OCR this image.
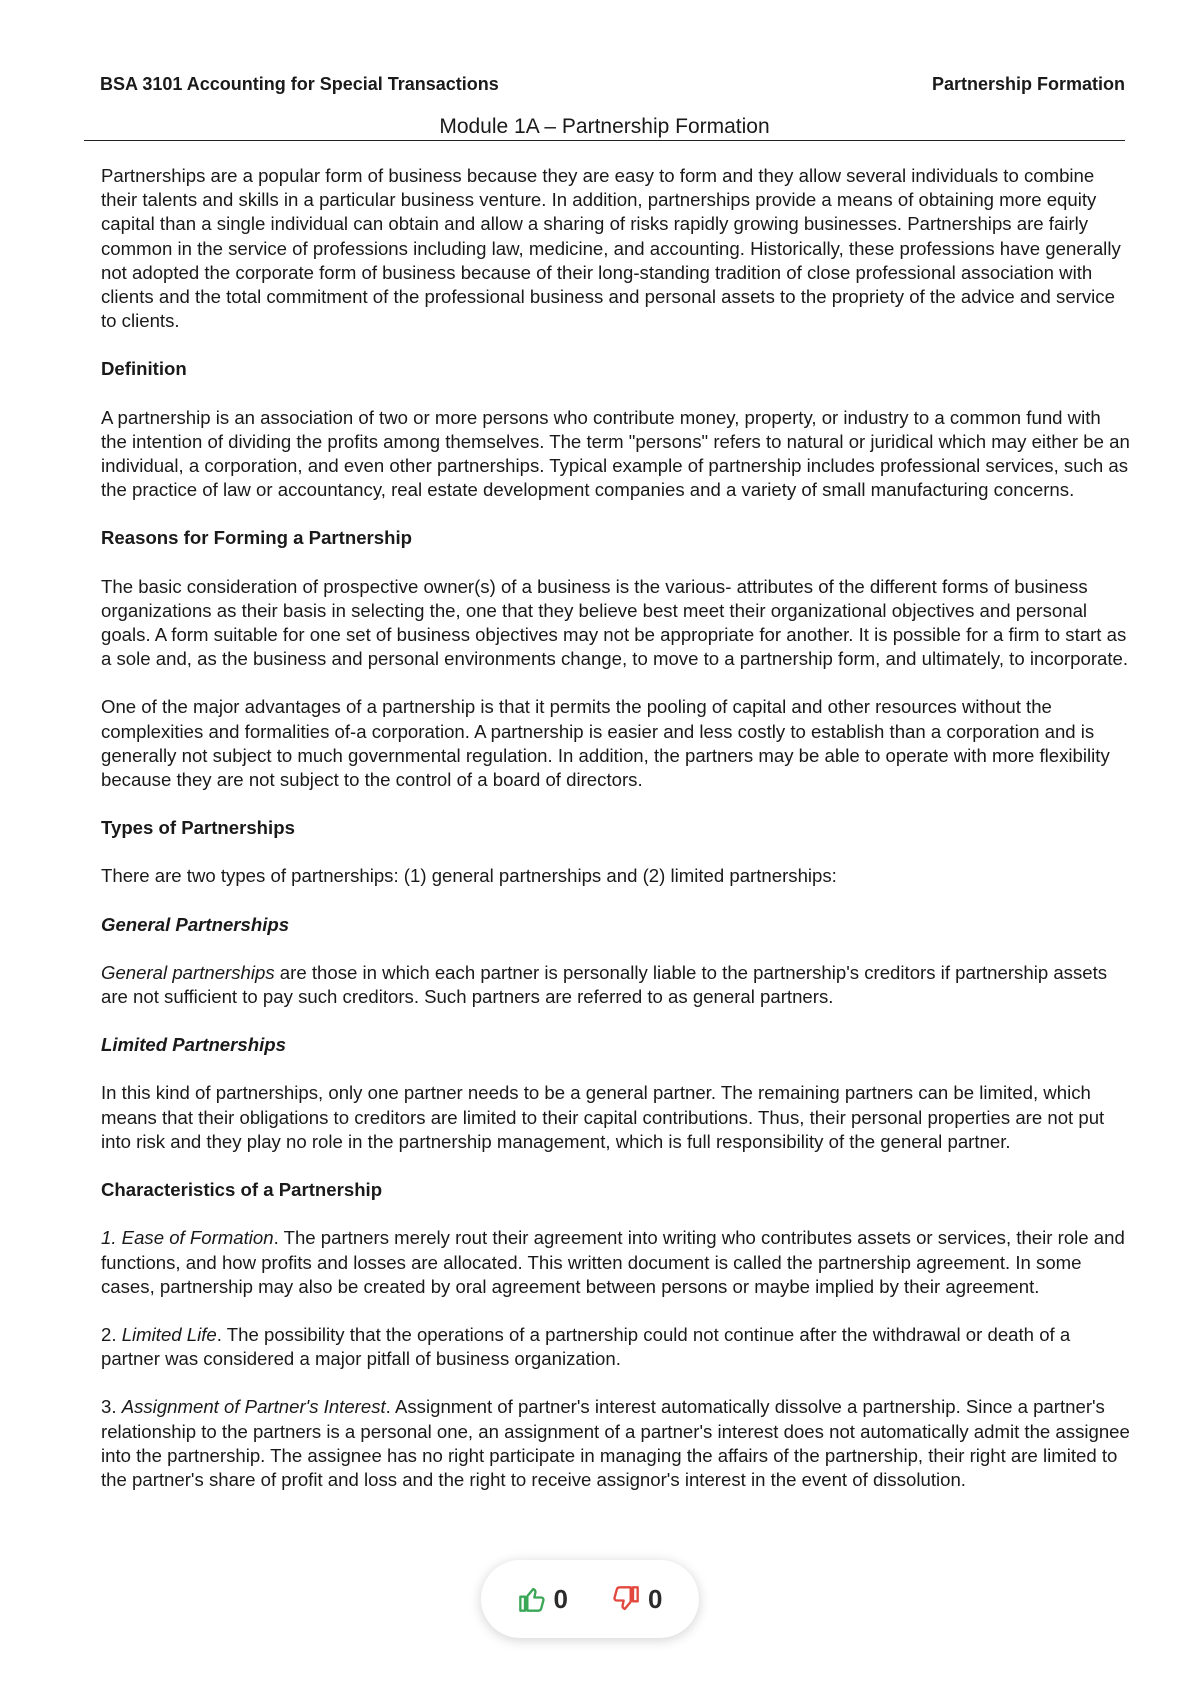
BSA 3101 Accounting for Special Transactions	Partnership Formation
Module 1A – Partnership Formation

Partnerships are a popular form of business because they are easy to form and they allow several individuals to combine their talents and skills in a particular business venture. In addition, partnerships provide a means of obtaining more equity capital than a single individual can obtain and allow a sharing of risks rapidly growing businesses. Partnerships are fairly common in the service of professions including law, medicine, and accounting. Historically, these professions have generally not adopted the corporate form of business because of their long-standing tradition of close professional association with clients and the total commitment of the professional business and personal assets to the propriety of the advice and service to clients.

Definition

A partnership is an association of two or more persons who contribute money, property, or industry to a common fund with the intention of dividing the profits among themselves. The term "persons" refers to natural or juridical which may either be an individual, a corporation, and even other partnerships. Typical example of partnership includes professional services, such as the practice of law or accountancy, real estate development companies and a variety of small manufacturing concerns.

Reasons for Forming a Partnership

The basic consideration of prospective owner(s) of a business is the various- attributes of the different forms of business organizations as their basis in selecting the, one that they believe best meet their organizational objectives and personal goals. A form suitable for one set of business objectives may not be appropriate for another. It is possible for a firm to start as a sole and, as the business and personal environments change, to move to a partnership form, and ultimately, to incorporate.

One of the major advantages of a partnership is that it permits the pooling of capital and other resources without the complexities and formalities of-a corporation. A partnership is easier and less costly to establish than a corporation and is generally not subject to much governmental regulation. In addition, the partners may be able to operate with more flexibility because they are not subject to the control of a board of directors.

Types of Partnerships

There are two types of partnerships: (1) general partnerships and (2) limited partnerships:

General Partnerships

General partnerships are those in which each partner is personally liable to the partnership's creditors if partnership assets are not sufficient to pay such creditors. Such partners are referred to as general partners.

Limited Partnerships

In this kind of partnerships, only one partner needs to be a general partner. The remaining partners can be limited, which means that their obligations to creditors are limited to their capital contributions. Thus, their personal properties are not put into risk and they play no role in the partnership management, which is full responsibility of the general partner.

Characteristics of a Partnership

1. Ease of Formation. The partners merely rout their agreement into writing who contributes assets or services, their role and functions, and how profits and losses are allocated. This written document is called the partnership agreement. In some cases, partnership may also be created by oral agreement between persons or maybe implied by their agreement.

2. Limited Life. The possibility that the operations of a partnership could not continue after the withdrawal or death of a partner was considered a major pitfall of business organization.

3. Assignment of Partner's Interest. Assignment of partner's interest automatically dissolve a partnership. Since a partner's relationship to the partners is a personal one, an assignment of a partner's interest does not automatically admit the assignee into the partnership. The assignee has no right participate in managing the affairs of the partnership, their right are limited to the partner's share of profit and loss and the right to receive assignor's interest in the event of dissolution.

0	0
